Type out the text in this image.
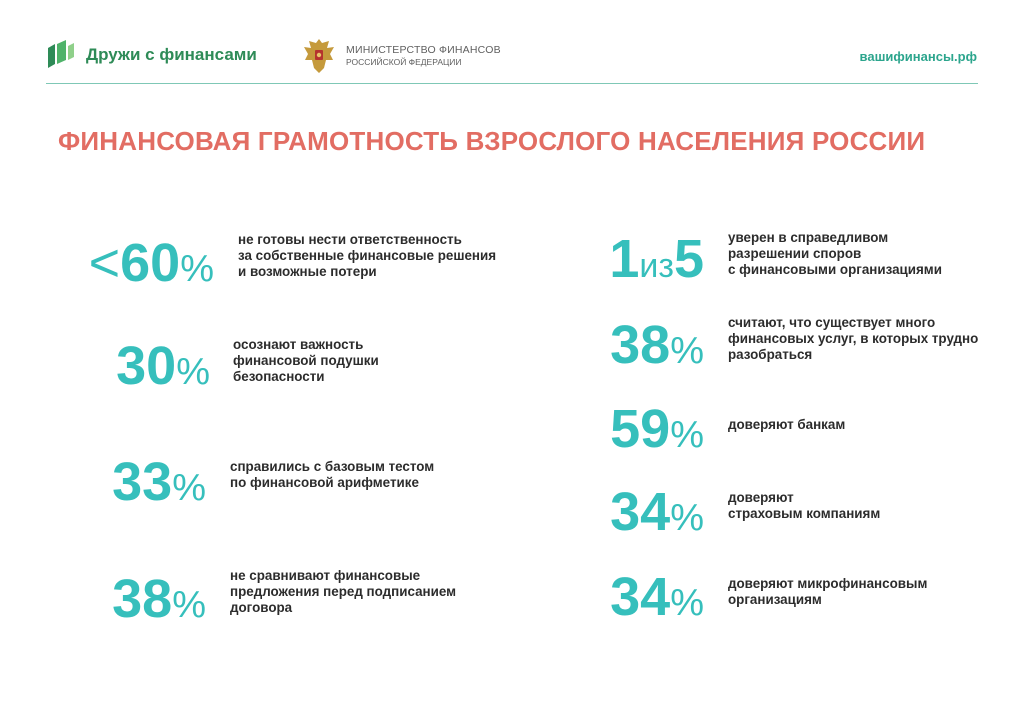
Дружи с финансами	МИНИСТЕРСТВО ФИНАНСОВ
РОССИЙСКОЙ ФЕДЕРАЦИИ	вашифинансы.рф
ФИНАНСОВАЯ ГРАМОТНОСТЬ ВЗРОСЛОГО НАСЕЛЕНИЯ РОССИИ
<60%
не готовы нести ответственность
за собственные финансовые решения
и возможные потери
30%
осознают важность
финансовой подушки
безопасности
33%
справились с базовым тестом
по финансовой арифметике
38%
не сравнивают финансовые
предложения перед подписанием
договора
1из5 уверен в справедливом
разрешении споров
с финансовыми организациями
38%
считают, что существует много
финансовых услуг, в которых трудно
разобраться
59% доверяют банкам
34% доверяют
страховым компаниям
34% доверяют микрофинансовым
организациям
